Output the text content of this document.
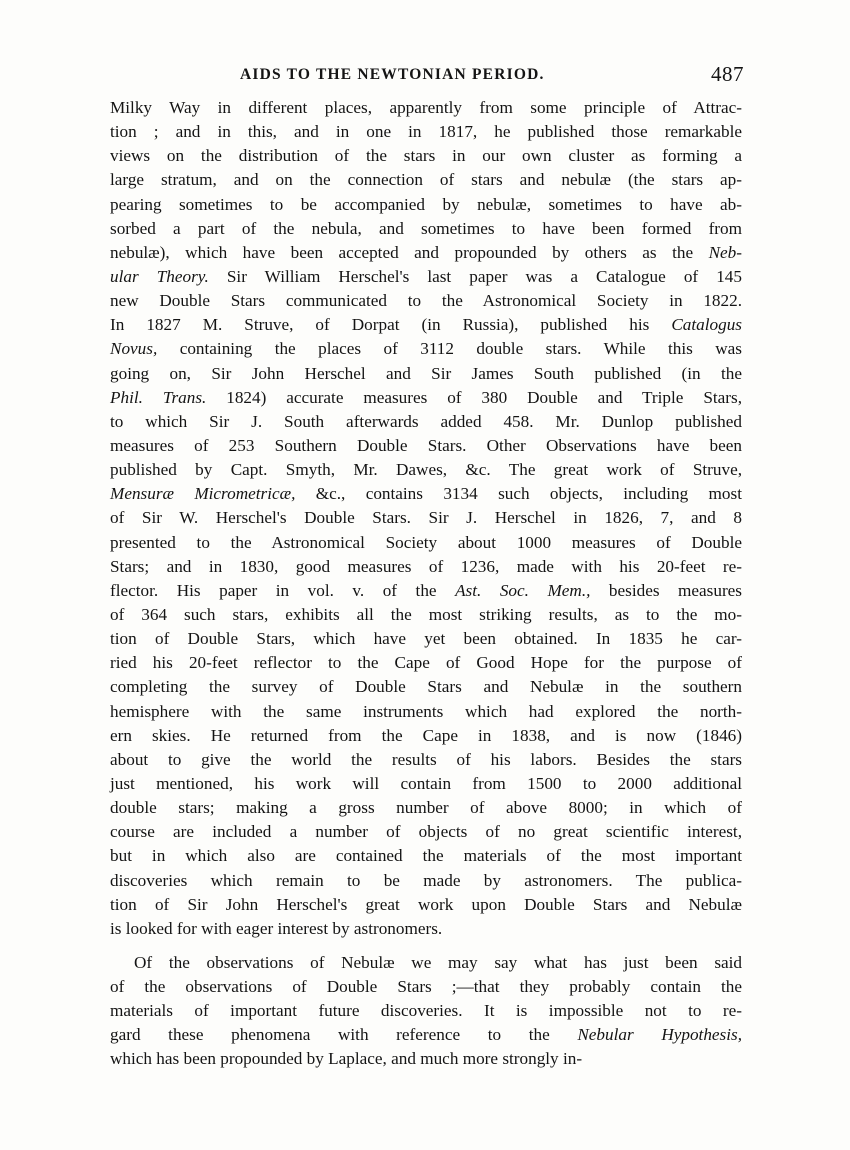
AIDS TO THE NEWTONIAN PERIOD.	487
Milky Way in different places, apparently from some principle of Attrac-
tion ; and in this, and in one in 1817, he published those remarkable
views on the distribution of the stars in our own cluster as forming a
large stratum, and on the connection of stars and nebulæ (the stars ap-
pearing sometimes to be accompanied by nebulæ, sometimes to have ab-
sorbed a part of the nebula, and sometimes to have been formed from
nebulæ), which have been accepted and propounded by others as the Neb-
ular Theory. Sir William Herschel's last paper was a Catalogue of 145
new Double Stars communicated to the Astronomical Society in 1822.
In 1827 M. Struve, of Dorpat (in Russia), published his Catalogus
Novus, containing the places of 3112 double stars. While this was
going on, Sir John Herschel and Sir James South published (in the
Phil. Trans. 1824) accurate measures of 380 Double and Triple Stars,
to which Sir J. South afterwards added 458. Mr. Dunlop published
measures of 253 Southern Double Stars. Other Observations have been
published by Capt. Smyth, Mr. Dawes, &c. The great work of Struve,
Mensuræ Micrometricæ, &c., contains 3134 such objects, including most
of Sir W. Herschel's Double Stars. Sir J. Herschel in 1826, 7, and 8
presented to the Astronomical Society about 1000 measures of Double
Stars; and in 1830, good measures of 1236, made with his 20-feet re-
flector. His paper in vol. v. of the Ast. Soc. Mem., besides measures
of 364 such stars, exhibits all the most striking results, as to the mo-
tion of Double Stars, which have yet been obtained. In 1835 he car-
ried his 20-feet reflector to the Cape of Good Hope for the purpose of
completing the survey of Double Stars and Nebulæ in the southern
hemisphere with the same instruments which had explored the north-
ern skies. He returned from the Cape in 1838, and is now (1846)
about to give the world the results of his labors. Besides the stars
just mentioned, his work will contain from 1500 to 2000 additional
double stars; making a gross number of above 8000; in which of
course are included a number of objects of no great scientific interest,
but in which also are contained the materials of the most important
discoveries which remain to be made by astronomers. The publica-
tion of Sir John Herschel's great work upon Double Stars and Nebulæ
is looked for with eager interest by astronomers.
Of the observations of Nebulæ we may say what has just been said
of the observations of Double Stars ;—that they probably contain the
materials of important future discoveries. It is impossible not to re-
gard these phenomena with reference to the Nebular Hypothesis,
which has been propounded by Laplace, and much more strongly in-
